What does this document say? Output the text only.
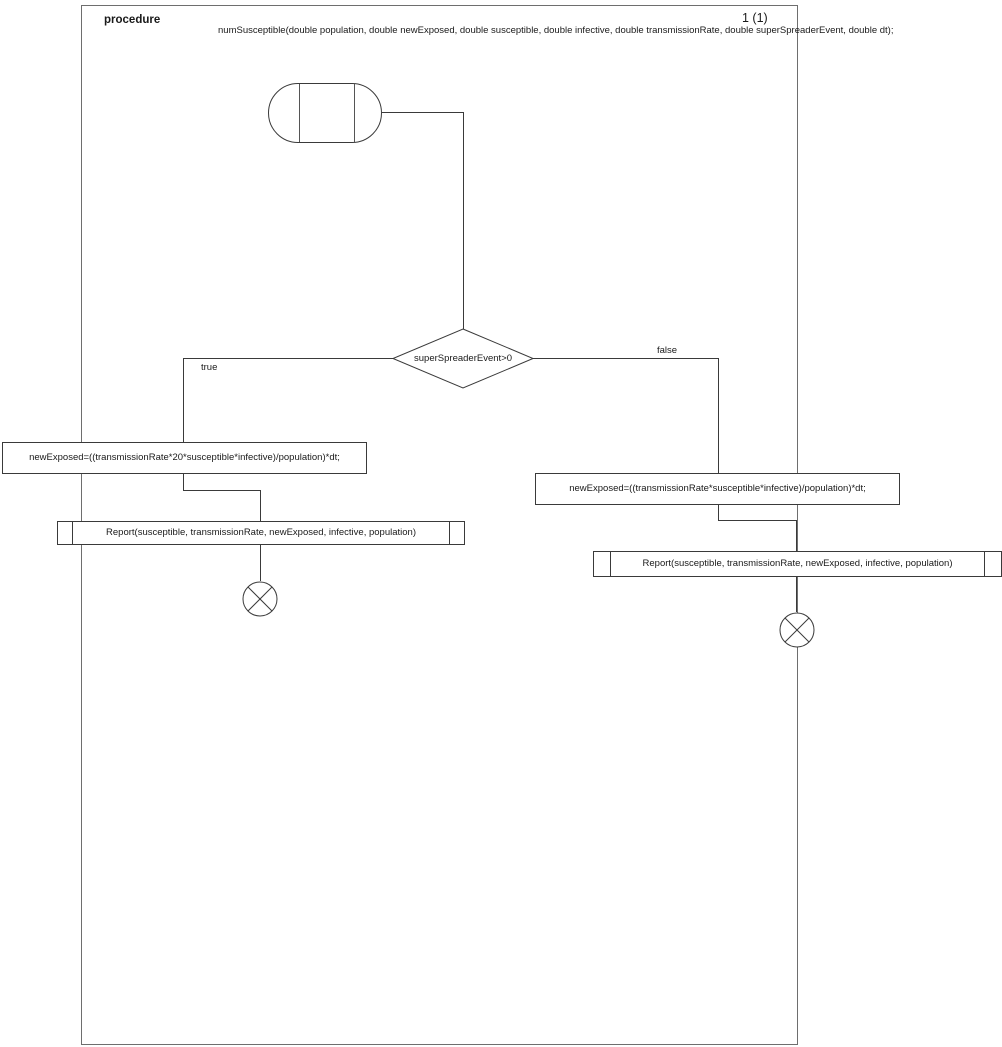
procedure
numSusceptible(double population, double newExposed, double susceptible, double infective, double transmissionRate, double superSpreaderEvent, double dt);
1 (1)
true
false
superSpreaderEvent>0
newExposed=((transmissionRate*20*susceptible*infective)/population)*dt;
Report(susceptible, transmissionRate, newExposed, infective, population)
newExposed=((transmissionRate*susceptible*infective)/population)*dt;
Report(susceptible, transmissionRate, newExposed, infective, population)
